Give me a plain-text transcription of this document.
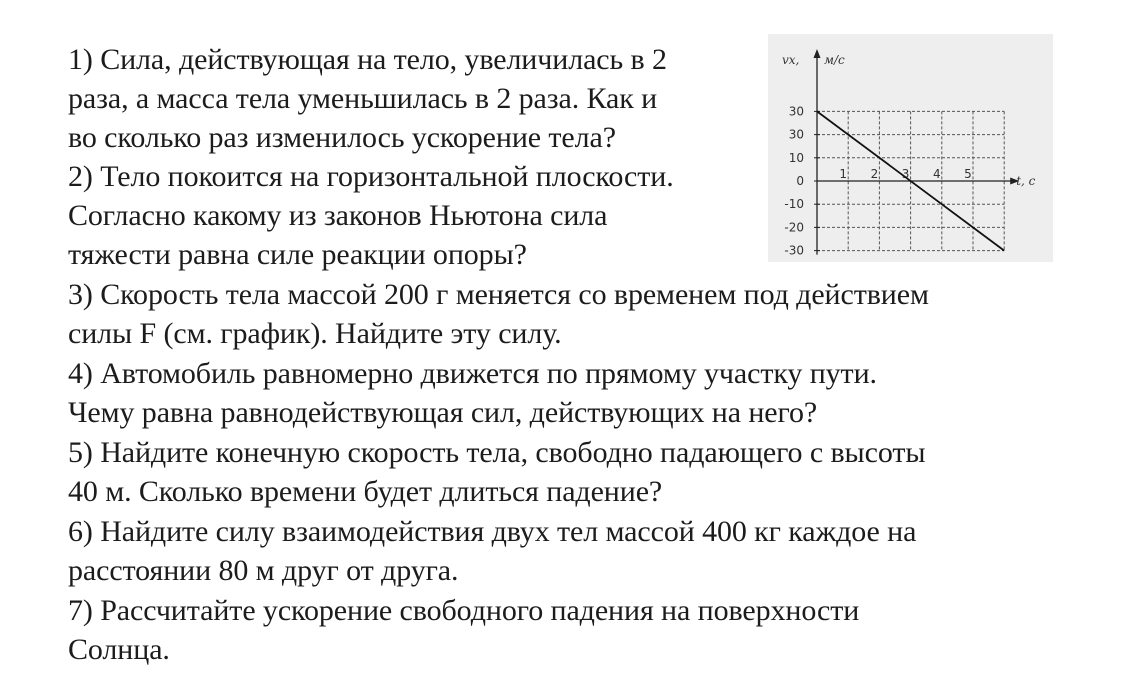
1) Сила, действующая на тело, увеличилась в 2
раза, а масса тела уменьшилась в 2 раза. Как и
во сколько раз изменилось ускорение тела?
2) Тело покоится на горизонтальной плоскости.
Согласно какому из законов Ньютона сила
тяжести равна силе реакции опоры?
3) Скорость тела массой 200 г меняется со временем под действием
силы F (см. график). Найдите эту силу.
4) Автомобиль равномерно движется по прямому участку пути.
Чему равна равнодействующая сил, действующих на него?
5) Найдите конечную скорость тела, свободно падающего с высоты
40 м. Сколько времени будет длиться падение?
6) Найдите силу взаимодействия двух тел массой 400 кг каждое на
расстоянии 80 м друг от друга.
7) Рассчитайте ускорение свободного падения на поверхности
Солнца.
30
30
10
0
-10
-20
-30
1 2 3 4 5
vx, м/с
t, c
